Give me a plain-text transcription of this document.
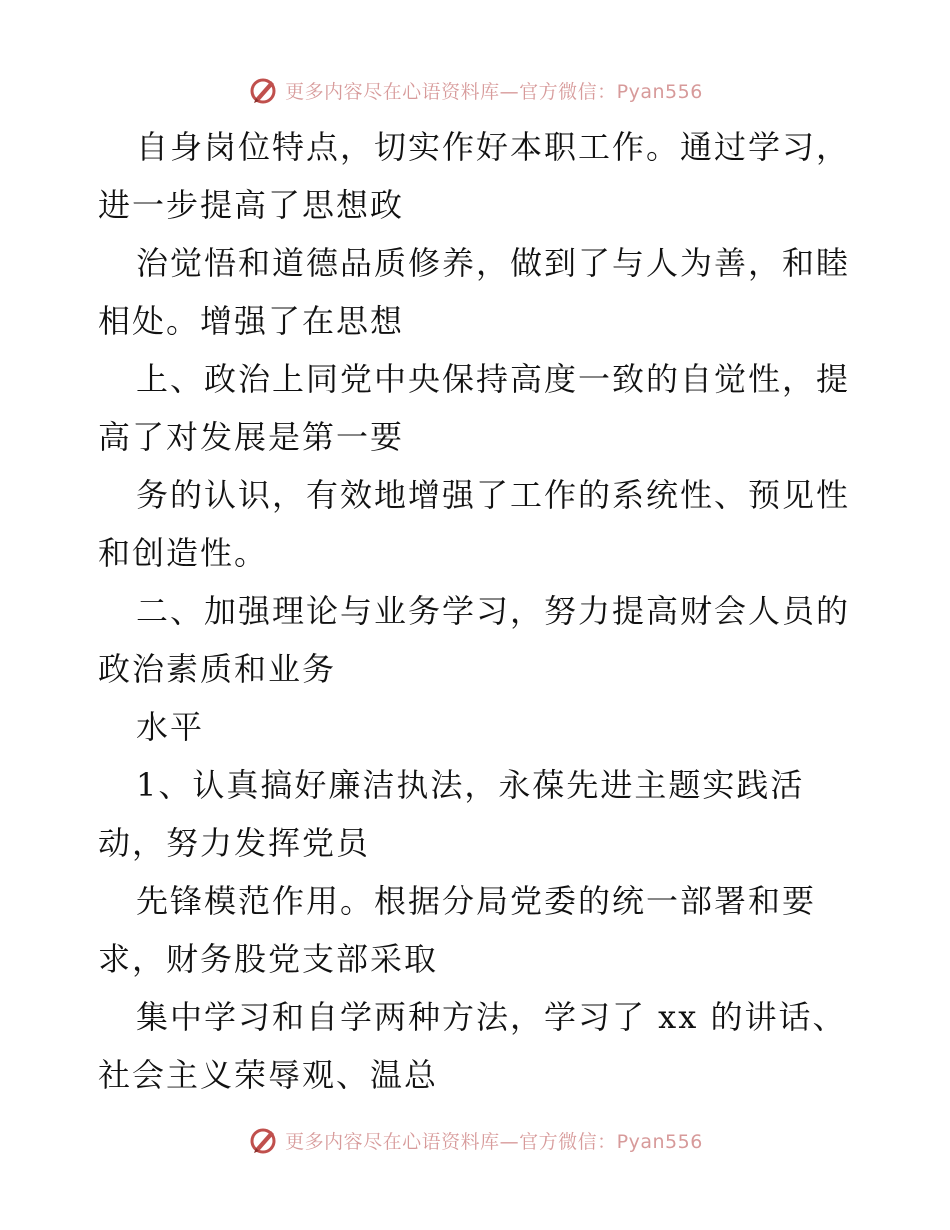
更多内容尽在心语资料库—官方微信：Pyan556
自身岗位特点，切实作好本职工作。通过学习，
进一步提高了思想政
治觉悟和道德品质修养，做到了与人为善，和睦
相处。增强了在思想
上、政治上同党中央保持高度一致的自觉性，提
高了对发展是第一要
务的认识，有效地增强了工作的系统性、预见性
和创造性。
二、加强理论与业务学习，努力提高财会人员的
政治素质和业务
水平
1、认真搞好廉洁执法，永葆先进主题实践活
动，努力发挥党员
先锋模范作用。根据分局党委的统一部署和要
求，财务股党支部采取
集中学习和自学两种方法，学习了 xx 的讲话、
社会主义荣辱观、温总
更多内容尽在心语资料库—官方微信：Pyan556
